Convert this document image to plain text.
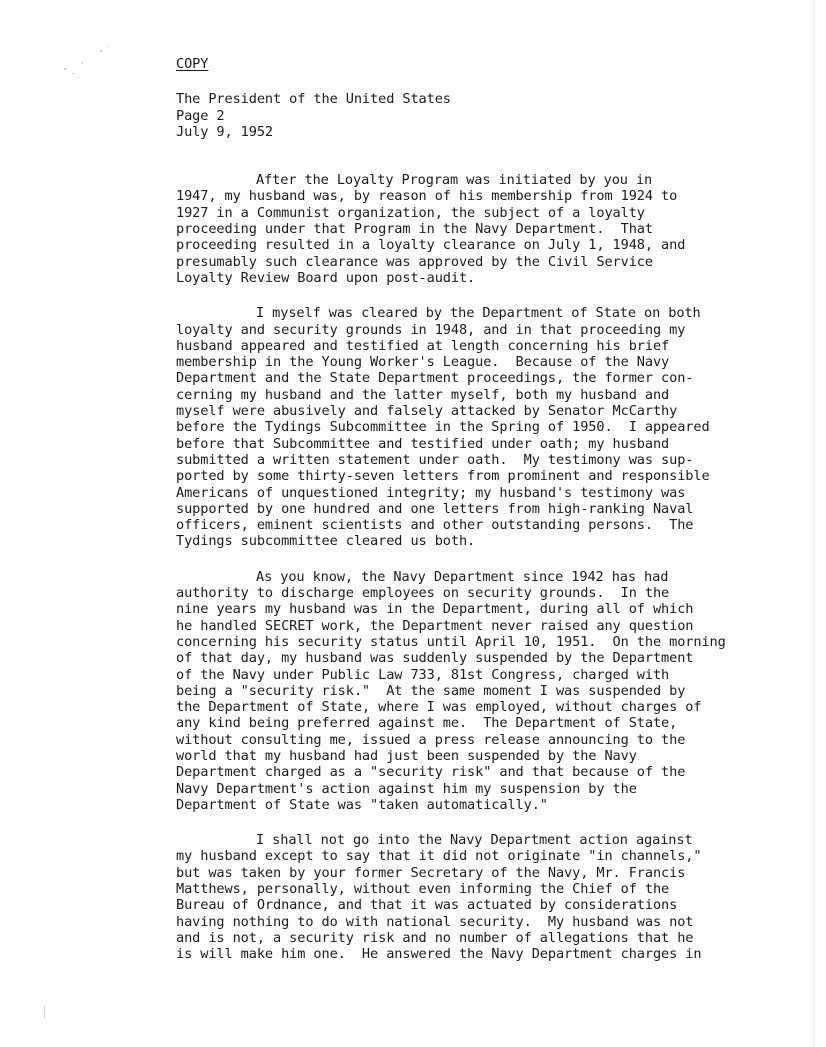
COPY
The President of the United States
Page 2
July 9, 1952
After the Loyalty Program was initiated by you in
1947, my husband was, by reason of his membership from 1924 to
1927 in a Communist organization, the subject of a loyalty
proceeding under that Program in the Navy Department.  That
proceeding resulted in a loyalty clearance on July 1, 1948, and
presumably such clearance was approved by the Civil Service
Loyalty Review Board upon post-audit.
I myself was cleared by the Department of State on both
loyalty and security grounds in 1948, and in that proceeding my
husband appeared and testified at length concerning his brief
membership in the Young Worker's League.  Because of the Navy
Department and the State Department proceedings, the former con-
cerning my husband and the latter myself, both my husband and
myself were abusively and falsely attacked by Senator McCarthy
before the Tydings Subcommittee in the Spring of 1950.  I appeared
before that Subcommittee and testified under oath; my husband
submitted a written statement under oath.  My testimony was sup-
ported by some thirty-seven letters from prominent and responsible
Americans of unquestioned integrity; my husband's testimony was
supported by one hundred and one letters from high-ranking Naval
officers, eminent scientists and other outstanding persons.  The
Tydings subcommittee cleared us both.
As you know, the Navy Department since 1942 has had
authority to discharge employees on security grounds.  In the
nine years my husband was in the Department, during all of which
he handled SECRET work, the Department never raised any question
concerning his security status until April 10, 1951.  On the morning
of that day, my husband was suddenly suspended by the Department
of the Navy under Public Law 733, 81st Congress, charged with
being a "security risk."  At the same moment I was suspended by
the Department of State, where I was employed, without charges of
any kind being preferred against me.  The Department of State,
without consulting me, issued a press release announcing to the
world that my husband had just been suspended by the Navy
Department charged as a "security risk" and that because of the
Navy Department's action against him my suspension by the
Department of State was "taken automatically."
I shall not go into the Navy Department action against
my husband except to say that it did not originate "in channels,"
but was taken by your former Secretary of the Navy, Mr. Francis
Matthews, personally, without even informing the Chief of the
Bureau of Ordnance, and that it was actuated by considerations
having nothing to do with national security.  My husband was not
and is not, a security risk and no number of allegations that he
is will make him one.  He answered the Navy Department charges in
